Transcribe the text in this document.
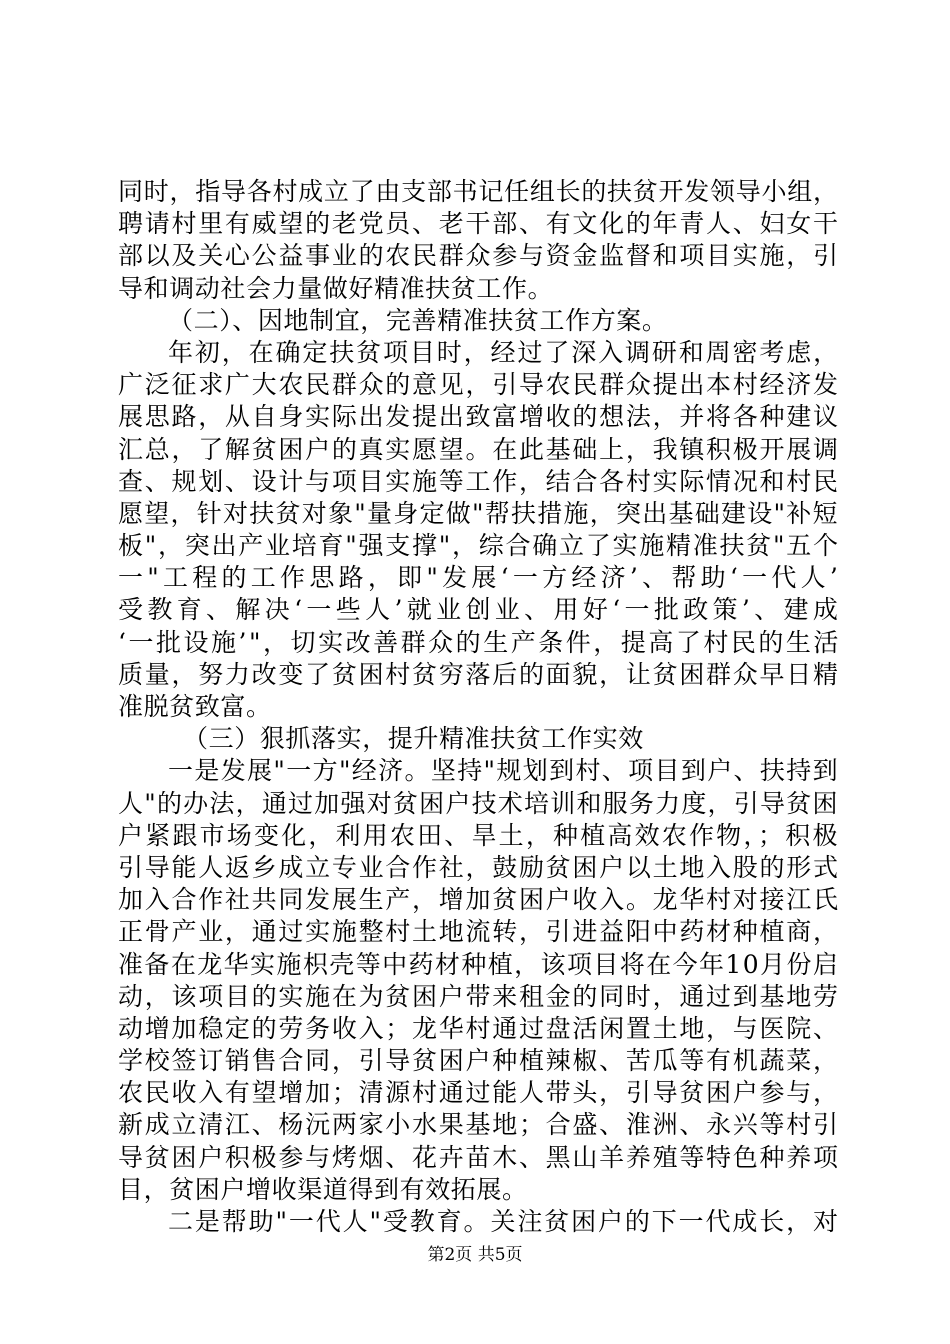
同时，指导各村成立了由支部书记任组长的扶贫开发领导小组，
聘请村里有威望的老党员、老干部、有文化的年青人、妇女干
部以及关心公益事业的农民群众参与资金监督和项目实施，引
导和调动社会力量做好精准扶贫工作。
（二）、因地制宜，完善精准扶贫工作方案。
年初，在确定扶贫项目时，经过了深入调研和周密考虑，
广泛征求广大农民群众的意见，引导农民群众提出本村经济发
展思路，从自身实际出发提出致富增收的想法，并将各种建议
汇总，了解贫困户的真实愿望。在此基础上，我镇积极开展调
查、规划、设计与项目实施等工作，结合各村实际情况和村民
愿望，针对扶贫对象"量身定做"帮扶措施，突出基础建设"补短
板"，突出产业培育"强支撑"，综合确立了实施精准扶贫"五个
一"工程的工作思路，即"发展‘一方经济’、帮助‘一代人’
受教育、解决‘一些人’就业创业、用好‘一批政策’、建成
‘一批设施’"，切实改善群众的生产条件，提高了村民的生活
质量，努力改变了贫困村贫穷落后的面貌，让贫困群众早日精
准脱贫致富。
（三）狠抓落实，提升精准扶贫工作实效
一是发展"一方"经济。坚持"规划到村、项目到户、扶持到
人"的办法，通过加强对贫困户技术培训和服务力度，引导贫困
户紧跟市场变化，利用农田、旱土，种植高效农作物，；积极
引导能人返乡成立专业合作社，鼓励贫困户以土地入股的形式
加入合作社共同发展生产，增加贫困户收入。龙华村对接江氏
正骨产业，通过实施整村土地流转，引进益阳中药材种植商，
准备在龙华实施枳壳等中药材种植，该项目将在今年10月份启
动，该项目的实施在为贫困户带来租金的同时，通过到基地劳
动增加稳定的劳务收入；龙华村通过盘活闲置土地，与医院、
学校签订销售合同，引导贫困户种植辣椒、苦瓜等有机蔬菜，
农民收入有望增加；清源村通过能人带头，引导贫困户参与，
新成立清江、杨沅两家小水果基地；合盛、淮洲、永兴等村引
导贫困户积极参与烤烟、花卉苗木、黑山羊养殖等特色种养项
目，贫困户增收渠道得到有效拓展。
二是帮助"一代人"受教育。关注贫困户的下一代成长，对
第2页 共5页
